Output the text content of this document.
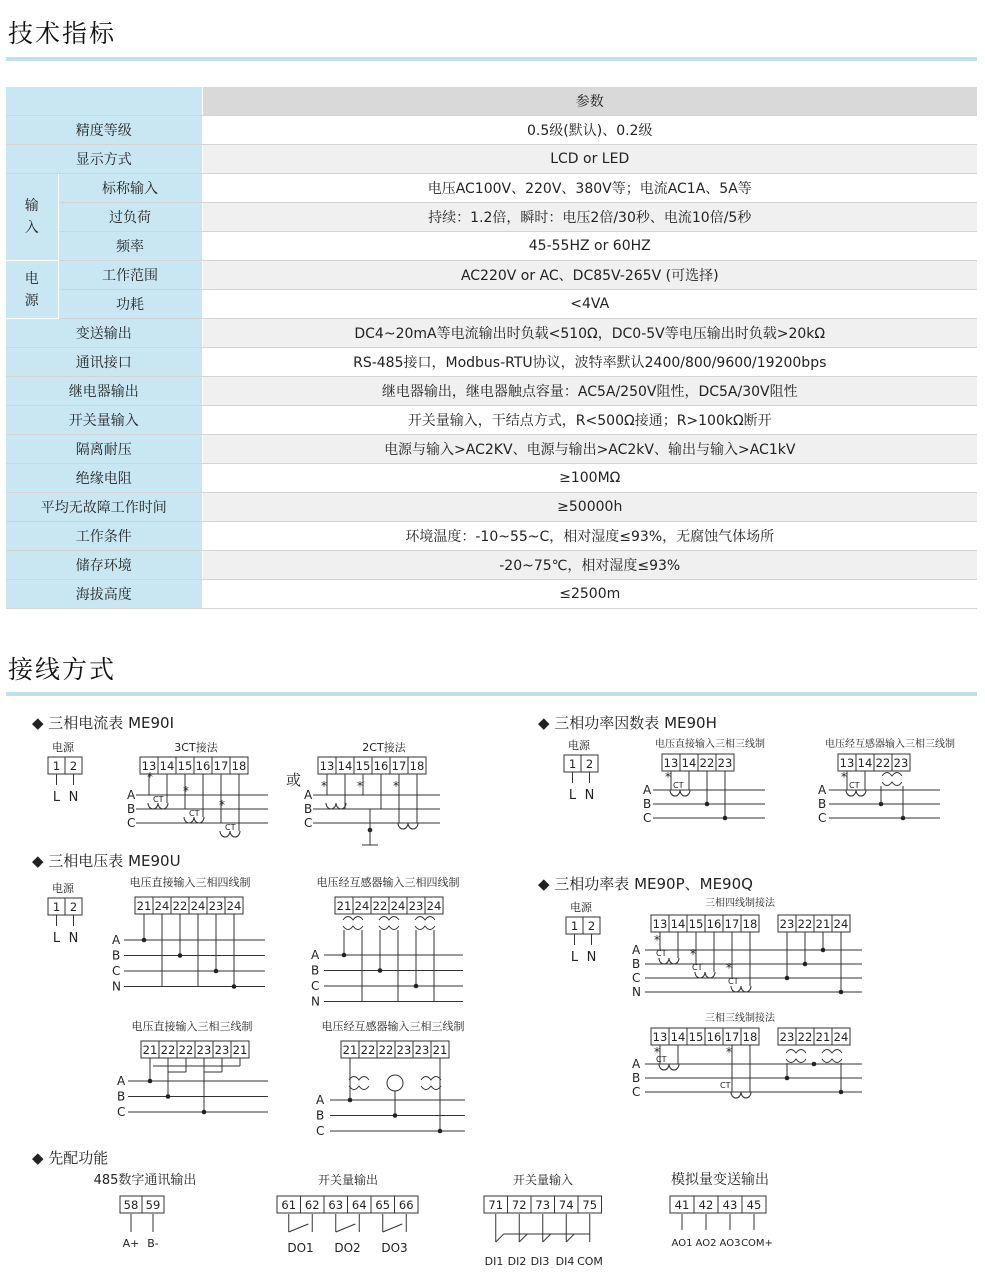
技术指标
		参数
精度等级		0.5级(默认)、0.2级
显示方式		LCD or LED
输入	标称输入	电压AC100V、220V、380V等；电流AC1A、5A等
	过负荷	持续：1.2倍，瞬时：电压2倍/30秒、电流10倍/5秒
	频率	45-55HZ or 60HZ
电源	工作范围	AC220V or AC、DC85V-265V (可选择)
	功耗	<4VA
变送输出		DC4~20mA等电流输出时负载<510Ω，DC0-5V等电压输出时负载>20kΩ
通讯接口		RS-485接口，Modbus-RTU协议，波特率默认2400/800/9600/19200bps
继电器输出		继电器输出，继电器触点容量：AC5A/250V阻性，DC5A/30V阻性
开关量输入		开关量输入，干结点方式，R<500Ω接通；R>100kΩ断开
隔离耐压		电源与输入>AC2KV、电源与输出>AC2kV、输出与输入>AC1kV
绝缘电阻		≥100MΩ
平均无故障工作时间		≥50000h
工作条件		环境温度：-10~55~C，相对湿度≤93%，无腐蚀气体场所
储存环境		-20~75℃，相对湿度≤93%
海拔高度		≤2500m
接线方式
◆ 三相电流表 ME90I
电源
1 2
L N
3CT接法
13 14 15 16 17 18
A
B
C
*
CT
*
CT
*
CT
或
2CT接法
13 14 15 16 17 18
A
B
C
*	*	*
◆ 三相功率因数表 ME90H
电源
1 2
L N
电压直接输入三相三线制
13 14 22 23
A
B
C
*
CT
电压经互感器输入三相三线制
13 14 22 23
A
B
C
*
CT
◆ 三相电压表 ME90U
电源
1 2
L N
电压直接输入三相四线制
21 24 22 24 23 24
A
B
C
N
电压经互感器输入三相四线制
21 24 22 24 23 24
A
B
C
N
电压直接输入三相三线制
21 22 22 23 23 21
A
B
C
电压经互感器输入三相三线制
21 22 22 23 23 21
A
B
C
◆ 三相功率表 ME90P、ME90Q
电源
1 2
L N
三相四线制接法
13 14 15 16 17 18 23 22 21 24
A
B
C
N
*
CT *
CT *
CT
三相三线制接法
13 14 15 16 17 18 23 22 21 24
A
B
C
*
CT
*
CT
◆ 先配功能
485数字通讯输出
58 59
A+ B-
开关量输出
61 62 63 64 65 66
DO1 DO2 DO3
开关量输入
71 72 73 74 75
DI1 DI2 DI3 DI4 COM
模拟量变送输出
41 42 43 45
AO1 AO2 AO3 COM+
